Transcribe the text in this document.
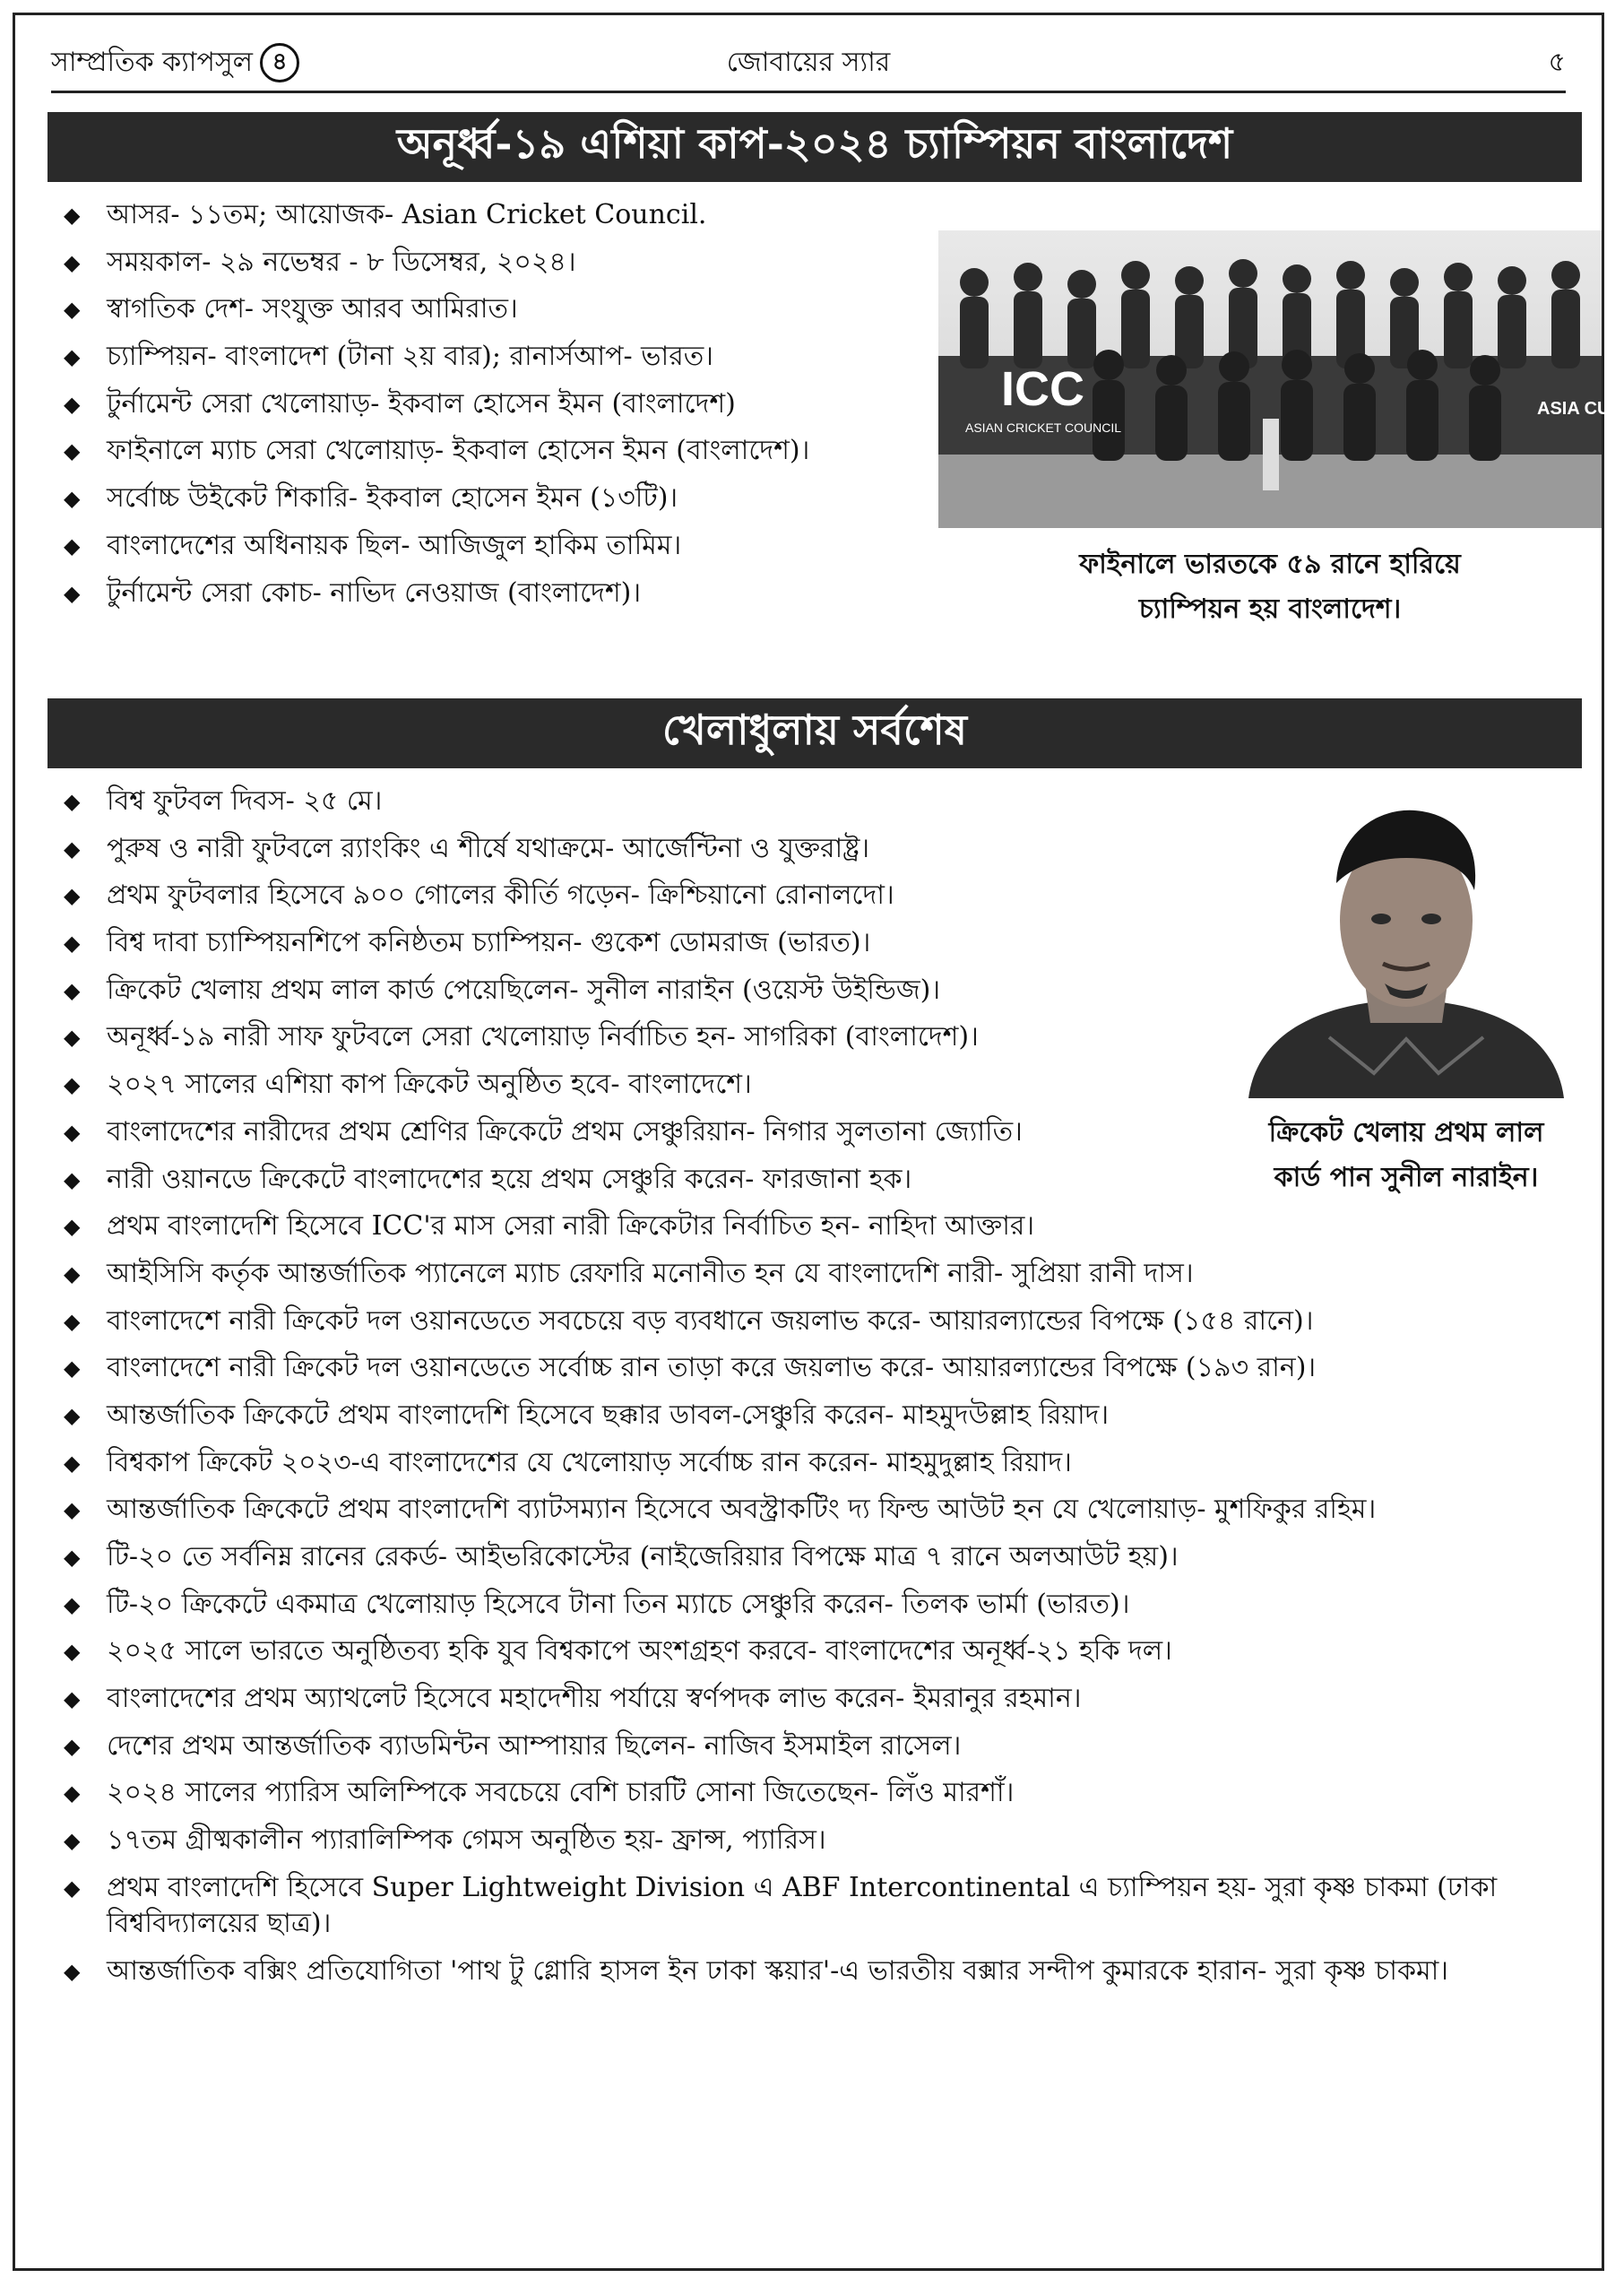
সাম্প্রতিক ক্যাপসুল ৪	জোবায়ের স্যার	৫
অনূর্ধ্ব-১৯ এশিয়া কাপ-২০২৪ চ্যাম্পিয়ন বাংলাদেশ
◆ আসর- ১১তম; আয়োজক- Asian Cricket Council.
◆ সময়কাল- ২৯ নভেম্বর - ৮ ডিসেম্বর, ২০২৪।
◆ স্বাগতিক দেশ- সংযুক্ত আরব আমিরাত।
◆ চ্যাম্পিয়ন- বাংলাদেশ (টানা ২য় বার); রানার্সআপ- ভারত।
◆ টুর্নামেন্ট সেরা খেলোয়াড়- ইকবাল হোসেন ইমন (বাংলাদেশ)
◆ ফাইনালে ম্যাচ সেরা খেলোয়াড়- ইকবাল হোসেন ইমন (বাংলাদেশ)।
◆ সর্বোচ্চ উইকেট শিকারি- ইকবাল হোসেন ইমন (১৩টি)।
◆ বাংলাদেশের অধিনায়ক ছিল- আজিজুল হাকিম তামিম।
◆ টুর্নামেন্ট সেরা কোচ- নাভিদ নেওয়াজ (বাংলাদেশ)।
ICC
ASIAN CRICKET COUNCIL
ASIA CUP
ফাইনালে ভারতকে ৫৯ রানে হারিয়ে
চ্যাম্পিয়ন হয় বাংলাদেশ।
খেলাধুলায় সর্বশেষ
◆ বিশ্ব ফুটবল দিবস- ২৫ মে।
◆ পুরুষ ও নারী ফুটবলে র‍্যাংকিং এ শীর্ষে যথাক্রমে- আর্জেন্টিনা ও যুক্তরাষ্ট্র।
◆ প্রথম ফুটবলার হিসেবে ৯০০ গোলের কীর্তি গড়েন- ক্রিশ্চিয়ানো রোনালদো।
◆ বিশ্ব দাবা চ্যাম্পিয়নশিপে কনিষ্ঠতম চ্যাম্পিয়ন- গুকেশ ডোমরাজ (ভারত)।
◆ ক্রিকেট খেলায় প্রথম লাল কার্ড পেয়েছিলেন- সুনীল নারাইন (ওয়েস্ট উইন্ডিজ)।
◆ অনূর্ধ্ব-১৯ নারী সাফ ফুটবলে সেরা খেলোয়াড় নির্বাচিত হন- সাগরিকা (বাংলাদেশ)।
◆ ২০২৭ সালের এশিয়া কাপ ক্রিকেট অনুষ্ঠিত হবে- বাংলাদেশে।
◆ বাংলাদেশের নারীদের প্রথম শ্রেণির ক্রিকেটে প্রথম সেঞ্চুরিয়ান- নিগার সুলতানা জ্যোতি।
◆ নারী ওয়ানডে ক্রিকেটে বাংলাদেশের হয়ে প্রথম সেঞ্চুরি করেন- ফারজানা হক।
◆ প্রথম বাংলাদেশি হিসেবে ICC'র মাস সেরা নারী ক্রিকেটার নির্বাচিত হন- নাহিদা আক্তার।
◆ আইসিসি কর্তৃক আন্তর্জাতিক প্যানেলে ম্যাচ রেফারি মনোনীত হন যে বাংলাদেশি নারী- সুপ্রিয়া রানী দাস।
◆ বাংলাদেশে নারী ক্রিকেট দল ওয়ানডেতে সবচেয়ে বড় ব্যবধানে জয়লাভ করে- আয়ারল্যান্ডের বিপক্ষে (১৫৪ রানে)।
◆ বাংলাদেশে নারী ক্রিকেট দল ওয়ানডেতে সর্বোচ্চ রান তাড়া করে জয়লাভ করে- আয়ারল্যান্ডের বিপক্ষে (১৯৩ রান)।
◆ আন্তর্জাতিক ক্রিকেটে প্রথম বাংলাদেশি হিসেবে ছক্কার ডাবল-সেঞ্চুরি করেন- মাহমুদউল্লাহ রিয়াদ।
◆ বিশ্বকাপ ক্রিকেট ২০২৩-এ বাংলাদেশের যে খেলোয়াড় সর্বোচ্চ রান করেন- মাহমুদুল্লাহ রিয়াদ।
◆ আন্তর্জাতিক ক্রিকেটে প্রথম বাংলাদেশি ব্যাটসম্যান হিসেবে অবস্ট্রাকটিং দ্য ফিল্ড আউট হন যে খেলোয়াড়- মুশফিকুর রহিম।
◆ টি-২০ তে সর্বনিম্ন রানের রেকর্ড- আইভরিকোস্টের (নাইজেরিয়ার বিপক্ষে মাত্র ৭ রানে অলআউট হয়)।
◆ টি-২০ ক্রিকেটে একমাত্র খেলোয়াড় হিসেবে টানা তিন ম্যাচে সেঞ্চুরি করেন- তিলক ভার্মা (ভারত)।
◆ ২০২৫ সালে ভারতে অনুষ্ঠিতব্য হকি যুব বিশ্বকাপে অংশগ্রহণ করবে- বাংলাদেশের অনূর্ধ্ব-২১ হকি দল।
◆ বাংলাদেশের প্রথম অ্যাথলেট হিসেবে মহাদেশীয় পর্যায়ে স্বর্ণপদক লাভ করেন- ইমরানুর রহমান।
◆ দেশের প্রথম আন্তর্জাতিক ব্যাডমিন্টন আম্পায়ার ছিলেন- নাজিব ইসমাইল রাসেল।
◆ ২০২৪ সালের প্যারিস অলিম্পিকে সবচেয়ে বেশি চারটি সোনা জিতেছেন- লিঁও মারশাঁ।
◆ ১৭তম গ্রীষ্মকালীন প্যারালিম্পিক গেমস অনুষ্ঠিত হয়- ফ্রান্স, প্যারিস।
◆ প্রথম বাংলাদেশি হিসেবে Super Lightweight Division এ ABF Intercontinental এ চ্যাম্পিয়ন হয়- সুরা কৃষ্ণ চাকমা (ঢাকা বিশ্ববিদ্যালয়ের ছাত্র)।
◆ আন্তর্জাতিক বক্সিং প্রতিযোগিতা 'পাথ টু গ্লোরি হাসল ইন ঢাকা স্কয়ার'-এ ভারতীয় বক্সার সন্দীপ কুমারকে হারান- সুরা কৃষ্ণ চাকমা।
ক্রিকেট খেলায় প্রথম লাল
কার্ড পান সুনীল নারাইন।
